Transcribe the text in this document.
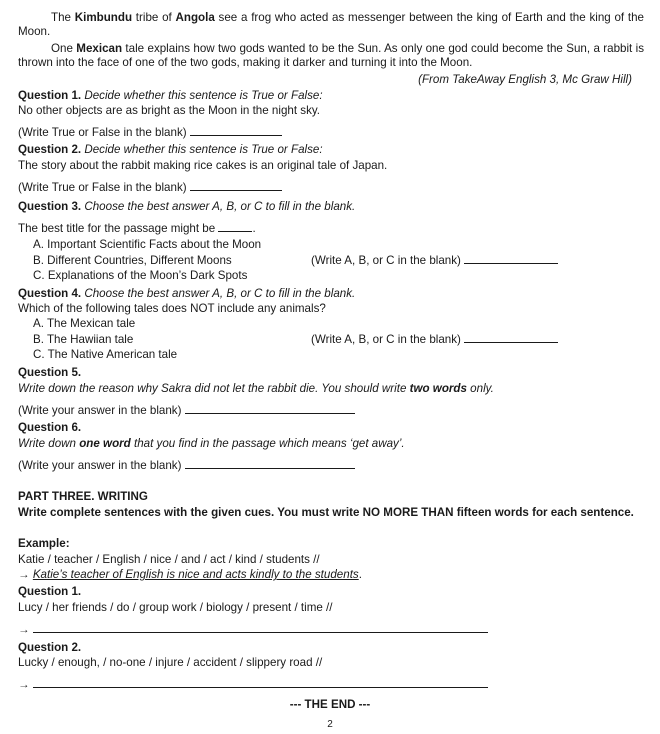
The Kimbundu tribe of Angola see a frog who acted as messenger between the king of Earth and the king of the Moon.
One Mexican tale explains how two gods wanted to be the Sun. As only one god could become the Sun, a rabbit is thrown into the face of one of the two gods, making it darker and turning it into the Moon.
(From TakeAway English 3, Mc Graw Hill)
Question 1. Decide whether this sentence is True or False:
No other objects are as bright as the Moon in the night sky.
(Write True or False in the blank)
Question 2. Decide whether this sentence is True or False:
The story about the rabbit making rice cakes is an original tale of Japan.
(Write True or False in the blank)
Question 3. Choose the best answer A, B, or C to fill in the blank.
The best title for the passage might be	.
A. Important Scientific Facts about the Moon
B. Different Countries, Different Moons	(Write A, B, or C in the blank)
C. Explanations of the Moon’s Dark Spots
Question 4. Choose the best answer A, B, or C to fill in the blank.
Which of the following tales does NOT include any animals?
A. The Mexican tale
B. The Hawiian tale	(Write A, B, or C in the blank)
C. The Native American tale
Question 5.
Write down the reason why Sakra did not let the rabbit die. You should write two words only.
(Write your answer in the blank)
Question 6.
Write down one word that you find in the passage which means ‘get away’.
(Write your answer in the blank)
PART THREE. WRITING
Write complete sentences with the given cues. You must write NO MORE THAN fifteen words for each sentence.
Example:
Katie / teacher / English / nice / and / act / kind / students //
→ Katie’s teacher of English is nice and acts kindly to the students.
Question 1.
Lucy / her friends / do / group work / biology / present / time //
→
Question 2.
Lucky / enough, / no-one / injure / accident / slippery road //
→
--- THE END ---
2
